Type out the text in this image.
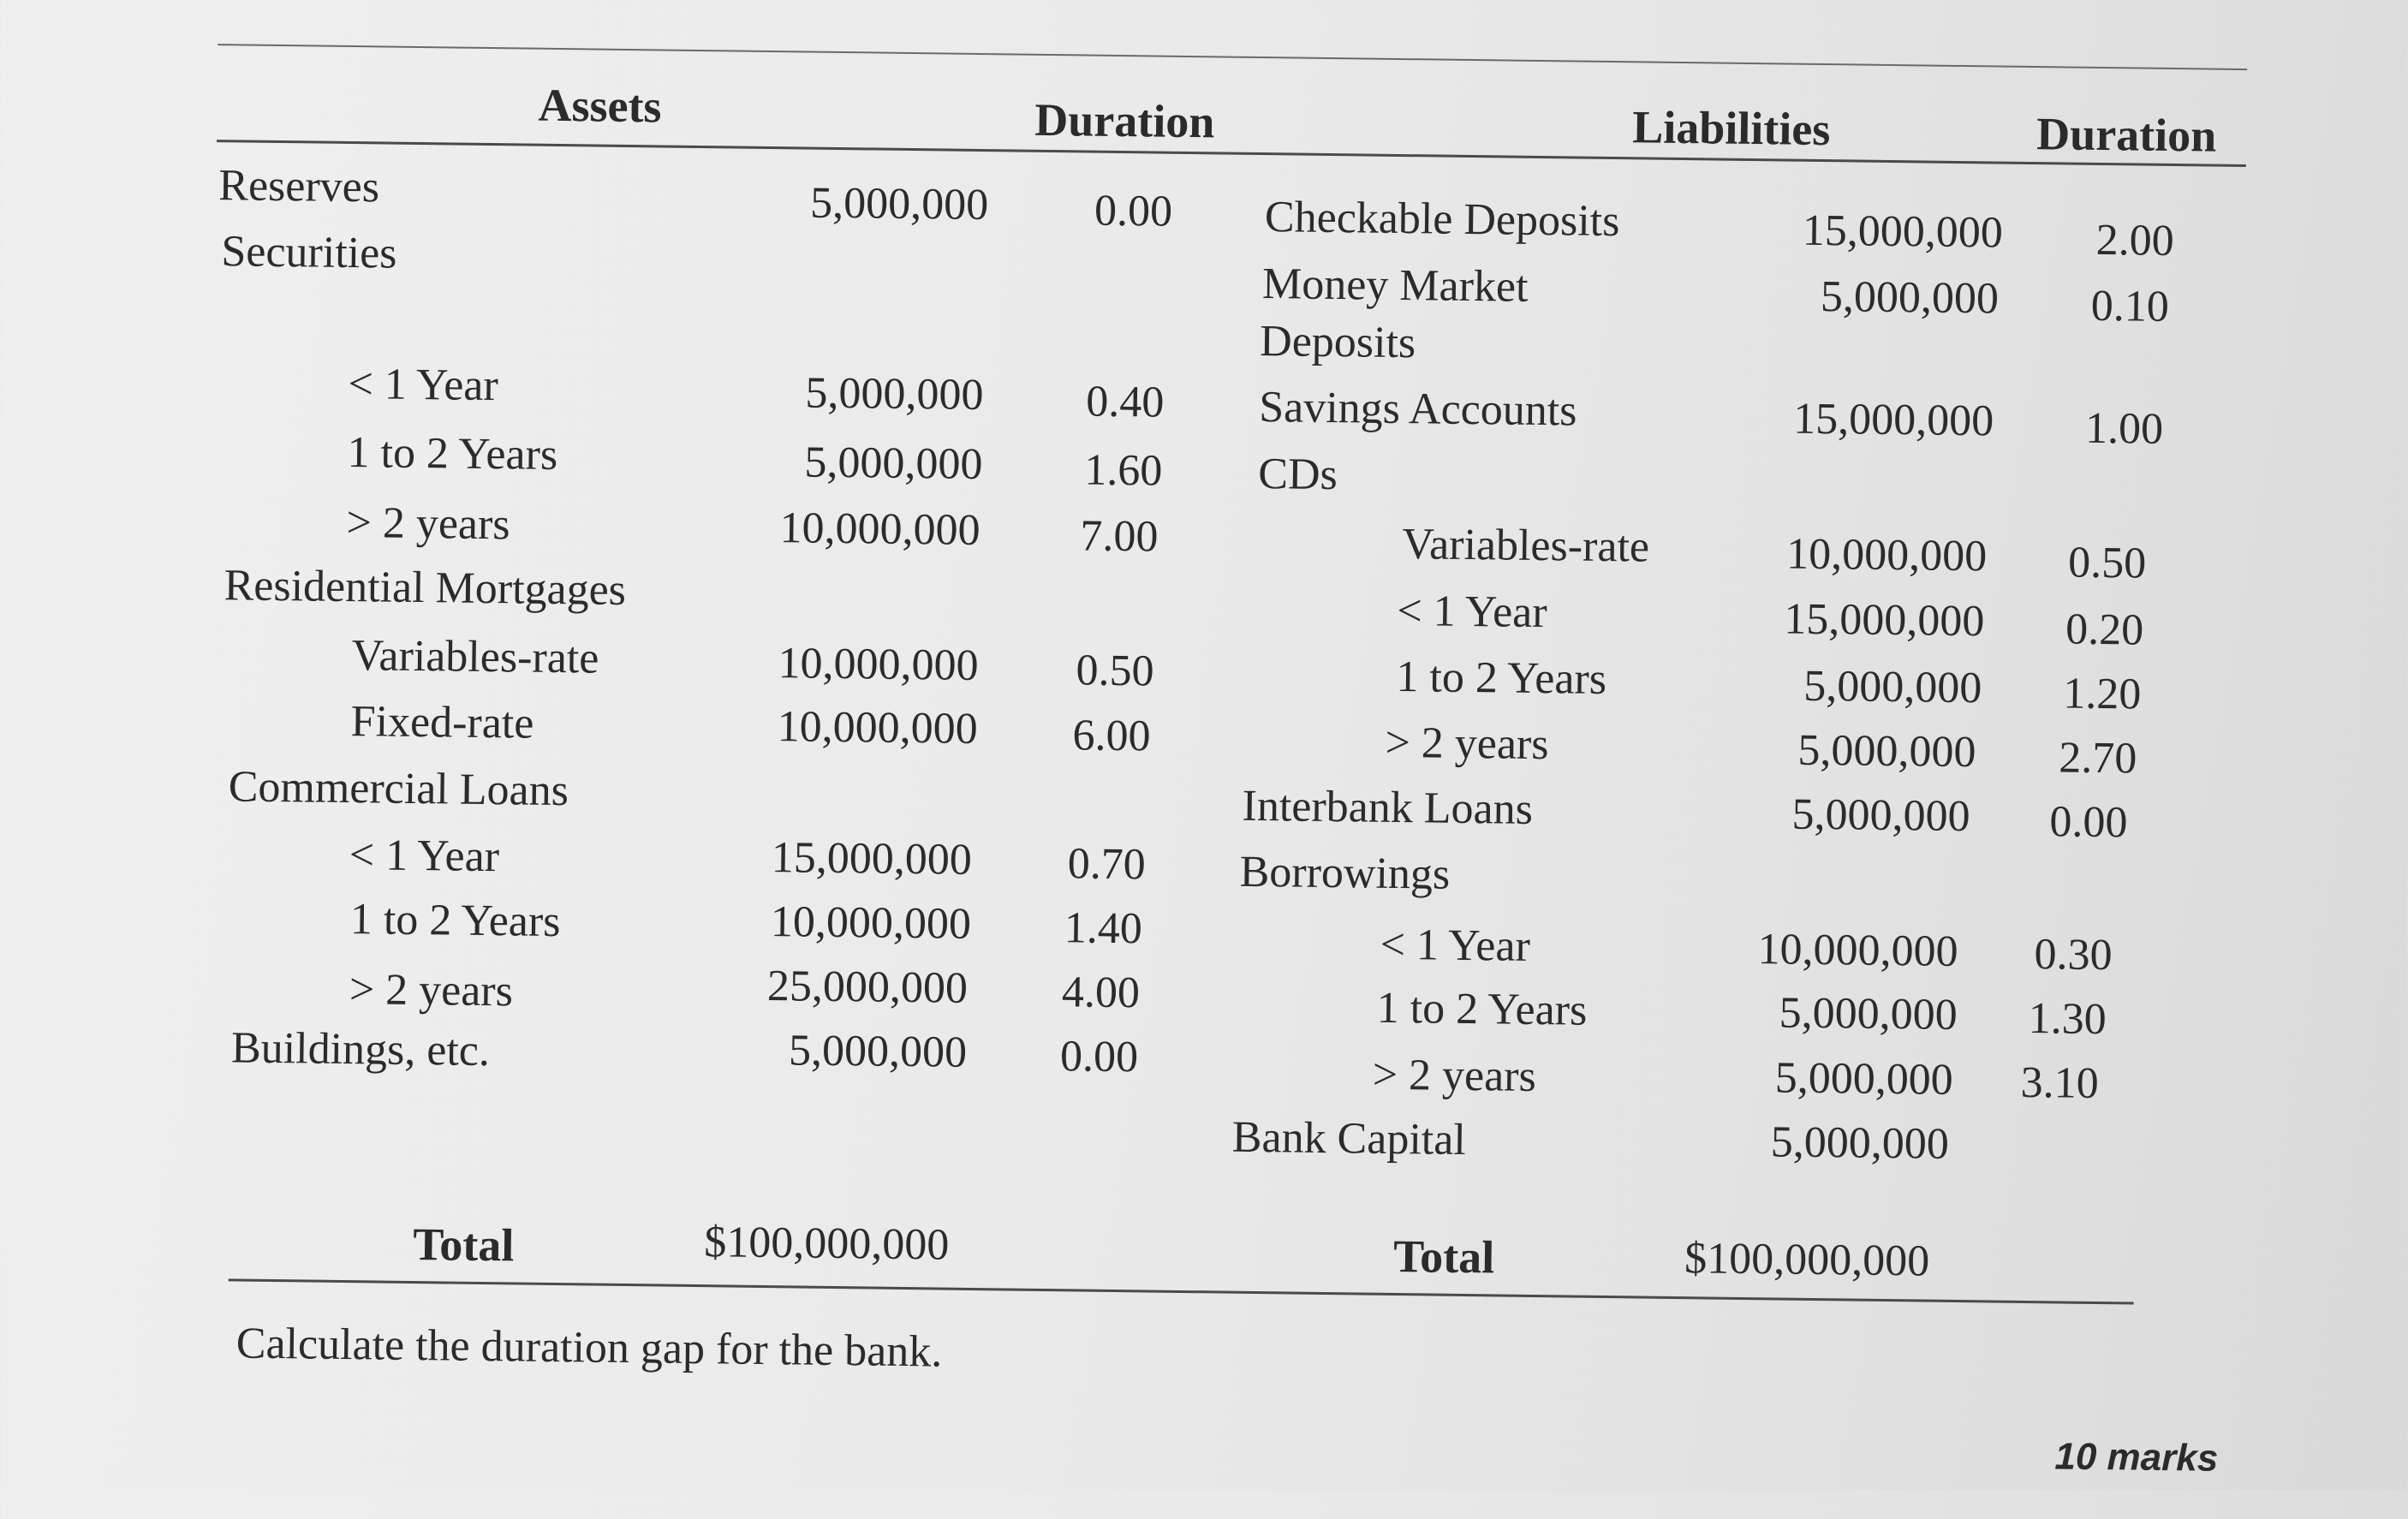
Assets	Duration	Liabilities	Duration
Reserves	5,000,000 0.00
Securities
< 1 Year	5,000,000 0.40
1 to 2 Years	5,000,000 1.60
> 2 years	10,000,000 7.00
Residential Mortgages
Variables-rate	10,000,000 0.50
Fixed-rate	10,000,000 6.00
Commercial Loans
< 1 Year	15,000,000 0.70
1 to 2 Years	10,000,000 1.40
> 2 years	25,000,000 4.00
Buildings, etc.	5,000,000 0.00
Checkable Deposits	15,000,000 2.00
Money Market	5,000,000 0.10
Deposits
Savings Accounts	15,000,000 1.00
CDs
Variables-rate	10,000,000 0.50
< 1 Year	15,000,000 0.20
1 to 2 Years	5,000,000 1.20
> 2 years	5,000,000 2.70
Interbank Loans	5,000,000 0.00
Borrowings
< 1 Year	10,000,000 0.30
1 to 2 Years	5,000,000 1.30
> 2 years	5,000,000 3.10
Bank Capital	5,000,000
Total	$100,000,000	Total	$100,000,000
Calculate the duration gap for the bank.
10 marks
